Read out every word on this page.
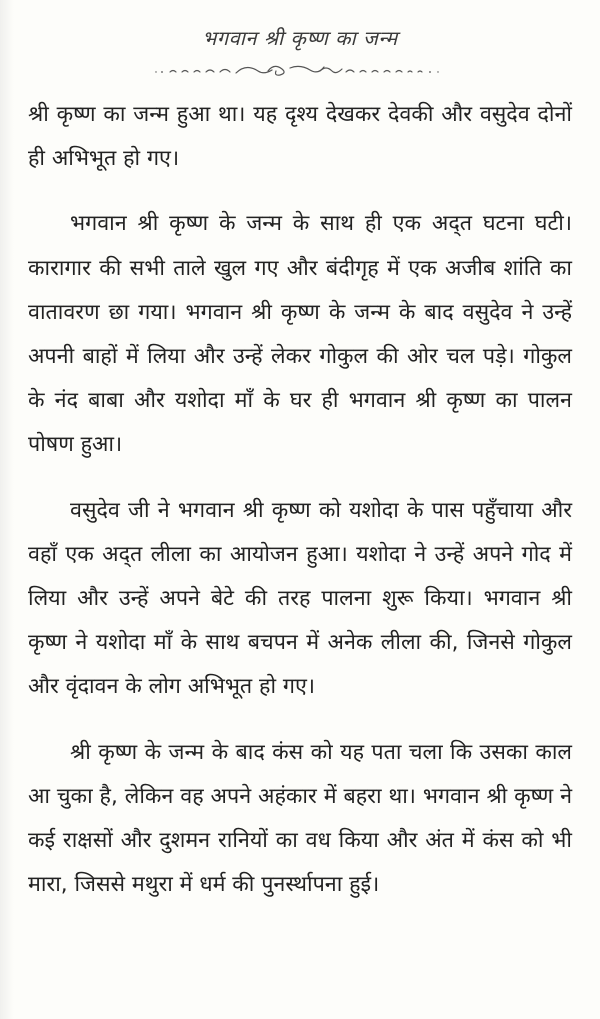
भगवान श्री कृष्ण का जन्म

श्री कृष्ण का जन्म हुआ था। यह दृश्य देखकर देवकी और वसुदेव दोनों ही अभिभूत हो गए।

भगवान श्री कृष्ण के जन्म के साथ ही एक अद्‌त घटना घटी। कारागार की सभी ताले खुल गए और बंदीगृह में एक अजीब शांति का वातावरण छा गया। भगवान श्री कृष्ण के जन्म के बाद वसुदेव ने उन्हें अपनी बाहों में लिया और उन्हें लेकर गोकुल की ओर चल पड़े। गोकुल के नंद बाबा और यशोदा माँ के घर ही भगवान श्री कृष्ण का पालन पोषण हुआ।

वसुदेव जी ने भगवान श्री कृष्ण को यशोदा के पास पहुँचाया और वहाँ एक अद्‌त लीला का आयोजन हुआ। यशोदा ने उन्हें अपने गोद में लिया और उन्हें अपने बेटे की तरह पालना शुरू किया। भगवान श्री कृष्ण ने यशोदा माँ के साथ बचपन में अनेक लीला की, जिनसे गोकुल और वृंदावन के लोग अभिभूत हो गए।

श्री कृष्ण के जन्म के बाद कंस को यह पता चला कि उसका काल आ चुका है, लेकिन वह अपने अहंकार में बहरा था। भगवान श्री कृष्ण ने कई राक्षसों और दुशमन रानियों का वध किया और अंत में कंस को भी मारा, जिससे मथुरा में धर्म की पुनर्स्थापना हुई।
